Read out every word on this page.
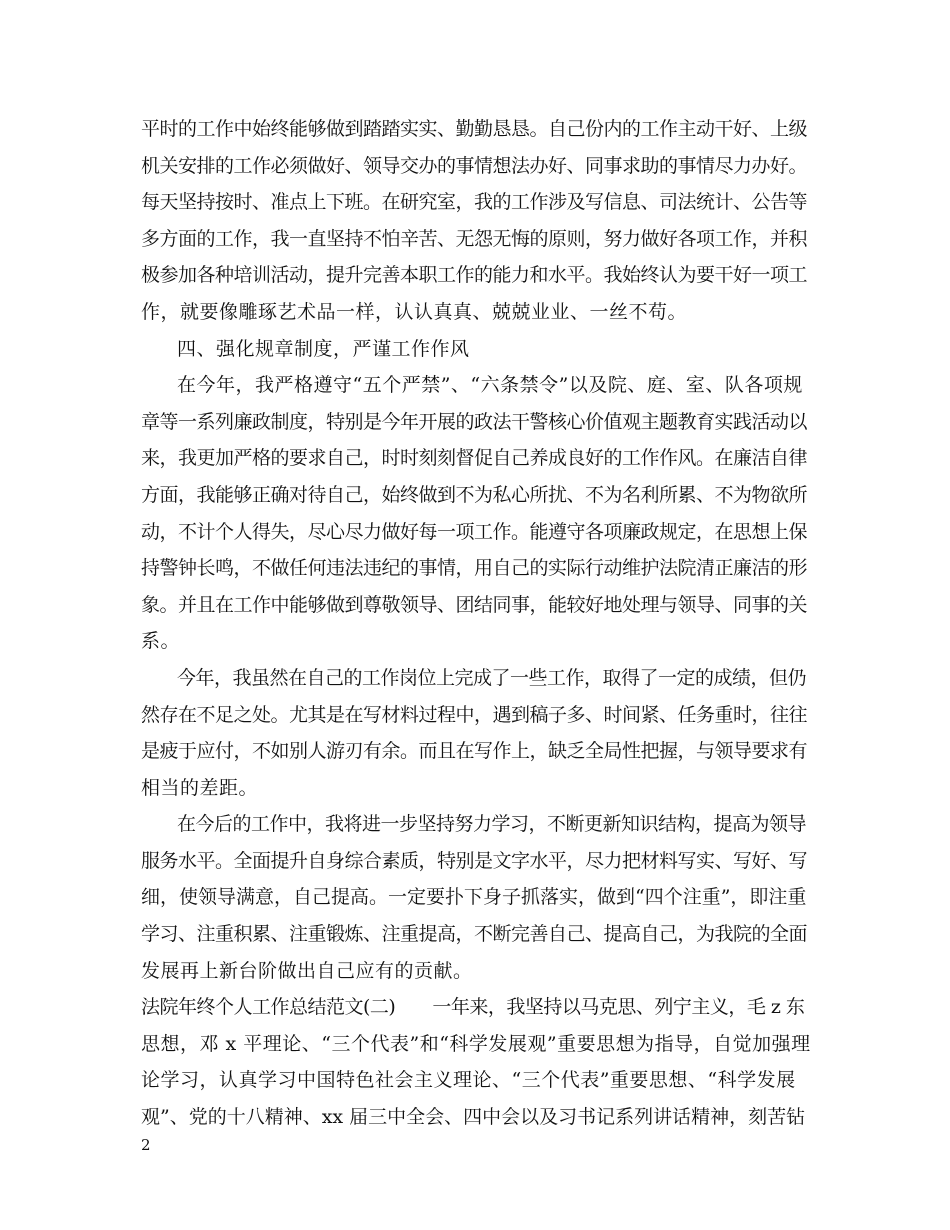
平时的工作中始终能够做到踏踏实实、勤勤恳恳。自己份内的工作主动干好、上级
机关安排的工作必须做好、领导交办的事情想法办好、同事求助的事情尽力办好。
每天坚持按时、准点上下班。在研究室，我的工作涉及写信息、司法统计、公告等
多方面的工作，我一直坚持不怕辛苦、无怨无悔的原则，努力做好各项工作，并积
极参加各种培训活动，提升完善本职工作的能力和水平。我始终认为要干好一项工
作，就要像雕琢艺术品一样，认认真真、兢兢业业、一丝不苟。
四、强化规章制度，严谨工作作风
在今年，我严格遵守“五个严禁”、“六条禁令”以及院、庭、室、队各项规
章等一系列廉政制度，特别是今年开展的政法干警核心价值观主题教育实践活动以
来，我更加严格的要求自己，时时刻刻督促自己养成良好的工作作风。在廉洁自律
方面，我能够正确对待自己，始终做到不为私心所扰、不为名利所累、不为物欲所
动，不计个人得失，尽心尽力做好每一项工作。能遵守各项廉政规定，在思想上保
持警钟长鸣，不做任何违法违纪的事情，用自己的实际行动维护法院清正廉洁的形
象。并且在工作中能够做到尊敬领导、团结同事，能较好地处理与领导、同事的关
系。
今年，我虽然在自己的工作岗位上完成了一些工作，取得了一定的成绩，但仍
然存在不足之处。尤其是在写材料过程中，遇到稿子多、时间紧、任务重时，往往
是疲于应付，不如别人游刃有余。而且在写作上，缺乏全局性把握，与领导要求有
相当的差距。
在今后的工作中，我将进一步坚持努力学习，不断更新知识结构，提高为领导
服务水平。全面提升自身综合素质，特别是文字水平，尽力把材料写实、写好、写
细，使领导满意，自己提高。一定要扑下身子抓落实，做到“四个注重”，即注重
学习、注重积累、注重锻炼、注重提高，不断完善自己、提高自己，为我院的全面
发展再上新台阶做出自己应有的贡献。
法院年终个人工作总结范文(二)　　一年来，我坚持以马克思、列宁主义，毛 z 东
思想，邓 x 平理论、“三个代表”和“科学发展观”重要思想为指导，自觉加强理
论学习，认真学习中国特色社会主义理论、“三个代表”重要思想、“科学发展
观”、党的十八精神、xx 届三中全会、四中会以及习书记系列讲话精神，刻苦钻
2
